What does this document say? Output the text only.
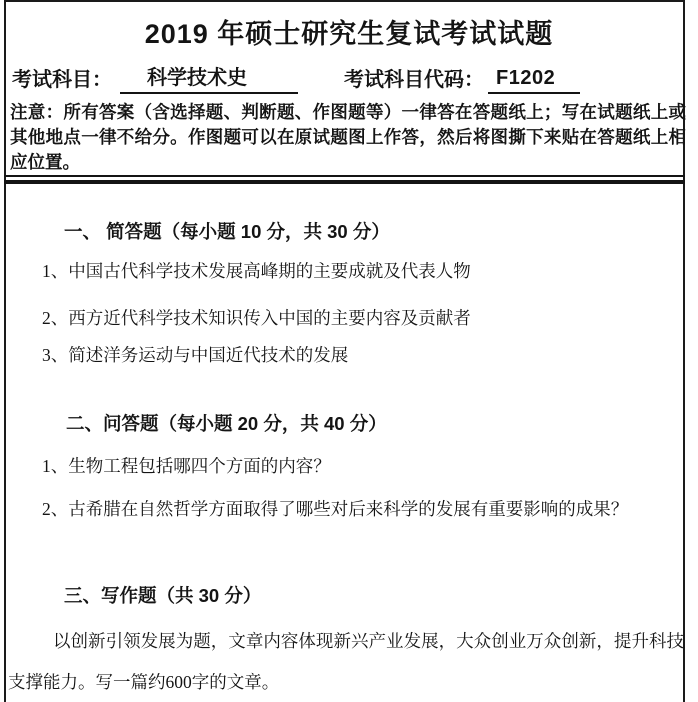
2019 年硕士研究生复试考试试题
考试科目： 科学技术史	考试科目代码： F1202

注意：所有答案（含选择题、判断题、作图题等）一律答在答题纸上；写在试题纸上或其他地点一律不给分。作图题可以在原试题图上作答，然后将图撕下来贴在答题纸上相应位置。

一、 简答题（每小题 10 分，共 30 分）

1、中国古代科学技术发展高峰期的主要成就及代表人物

2、西方近代科学技术知识传入中国的主要内容及贡献者

3、简述洋务运动与中国近代技术的发展

二、问答题（每小题 20 分，共 40 分）

1、生物工程包括哪四个方面的内容？

2、古希腊在自然哲学方面取得了哪些对后来科学的发展有重要影响的成果？

三、写作题（共 30 分）

以创新引领发展为题，文章内容体现新兴产业发展，大众创业万众创新，提升科技支撑能力。写一篇约600字的文章。
